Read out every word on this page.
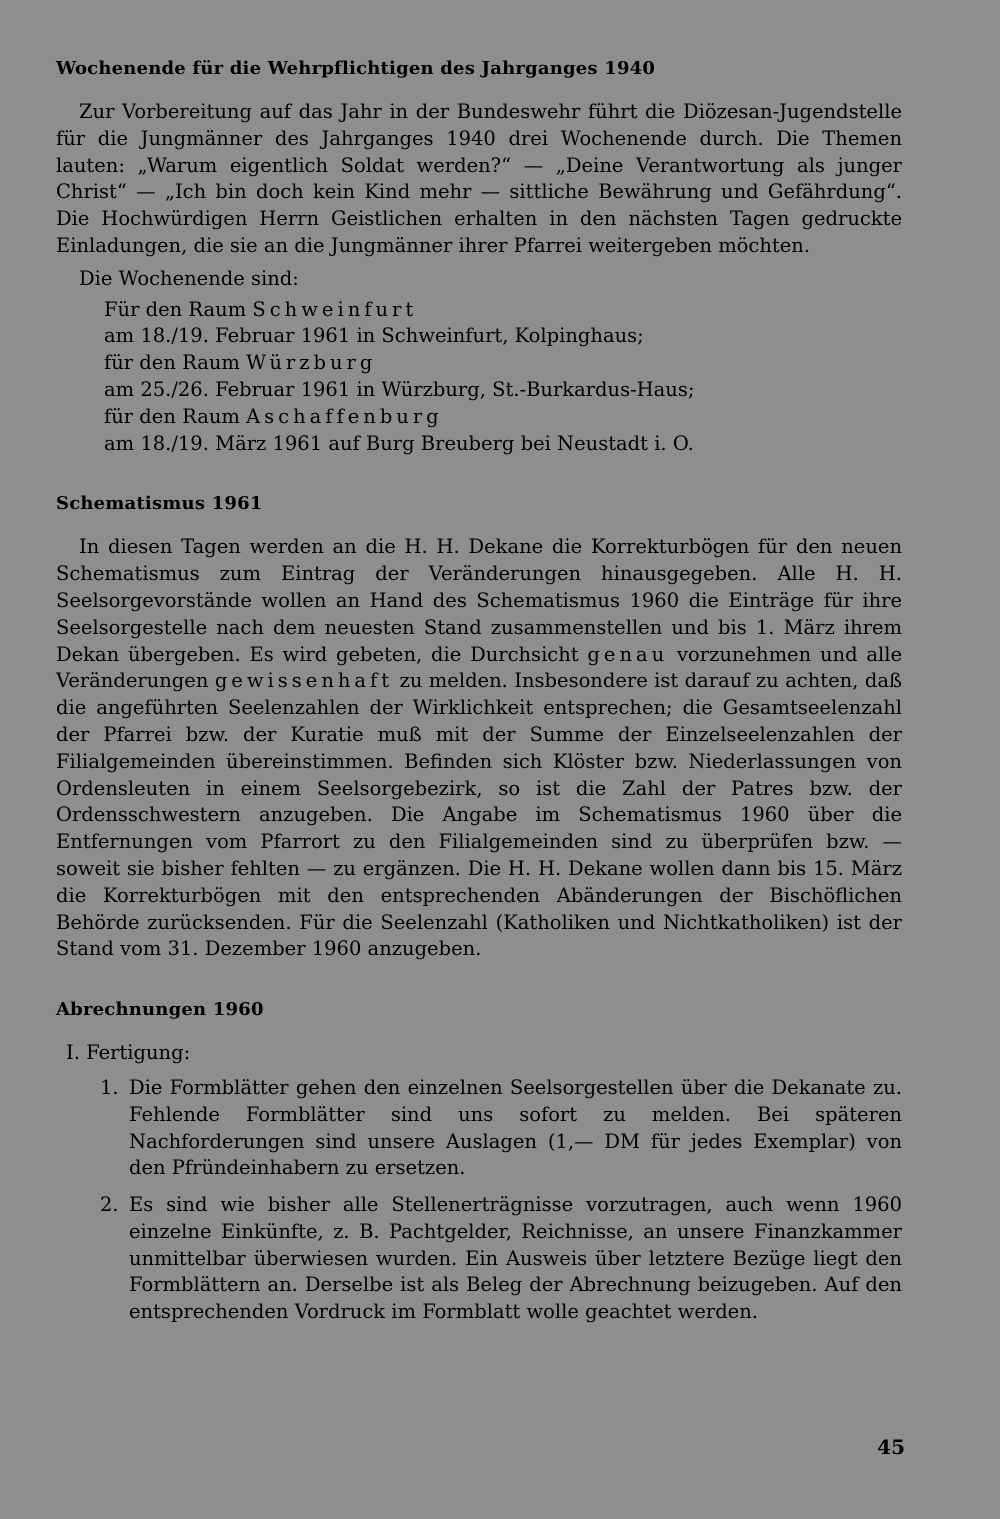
Wochenende für die Wehrpflichtigen des Jahrganges 1940

Zur Vorbereitung auf das Jahr in der Bundeswehr führt die Diözesan-Jugendstelle für die Jungmänner des Jahrganges 1940 drei Wochenende durch. Die Themen lauten: „Warum eigentlich Soldat werden?“ — „Deine Verantwortung als junger Christ“ — „Ich bin doch kein Kind mehr — sittliche Bewährung und Gefährdung“. Die Hochwürdigen Herrn Geistlichen erhalten in den nächsten Tagen gedruckte Einladungen, die sie an die Jungmänner ihrer Pfarrei weitergeben möchten.

Die Wochenende sind:
Für den Raum Schweinfurt
am 18./19. Februar 1961 in Schweinfurt, Kolpinghaus;
für den Raum Würzburg
am 25./26. Februar 1961 in Würzburg, St.-Burkardus-Haus;
für den Raum Aschaffenburg
am 18./19. März 1961 auf Burg Breuberg bei Neustadt i. O.
Schematismus 1961

In diesen Tagen werden an die H. H. Dekane die Korrekturbögen für den neuen Schematismus zum Eintrag der Veränderungen hinausgegeben. Alle H. H. Seelsorgevorstände wollen an Hand des Schematismus 1960 die Einträge für ihre Seelsorgestelle nach dem neuesten Stand zusammenstellen und bis 1. März ihrem Dekan übergeben. Es wird gebeten, die Durchsicht genau vorzunehmen und alle Veränderungen gewissenhaft zu melden. Insbesondere ist darauf zu achten, daß die angeführten Seelenzahlen der Wirklichkeit entsprechen; die Gesamtseelenzahl der Pfarrei bzw. der Kuratie muß mit der Summe der Einzelseelenzahlen der Filialgemeinden übereinstimmen. Befinden sich Klöster bzw. Niederlassungen von Ordensleuten in einem Seelsorgebezirk, so ist die Zahl der Patres bzw. der Ordensschwestern anzugeben. Die Angabe im Schematismus 1960 über die Entfernungen vom Pfarrort zu den Filialgemeinden sind zu überprüfen bzw. — soweit sie bisher fehlten — zu ergänzen. Die H. H. Dekane wollen dann bis 15. März die Korrekturbögen mit den entsprechenden Abänderungen der Bischöflichen Behörde zurücksenden. Für die Seelenzahl (Katholiken und Nichtkatholiken) ist der Stand vom 31. Dezember 1960 anzugeben.

Abrechnungen 1960
I. Fertigung:
1. Die Formblätter gehen den einzelnen Seelsorgestellen über die Dekanate zu. Fehlende Formblätter sind uns sofort zu melden. Bei späteren Nachforderungen sind unsere Auslagen (1,— DM für jedes Exemplar) von den Pfründeinhabern zu ersetzen.

2. Es sind wie bisher alle Stellenerträgnisse vorzutragen, auch wenn 1960 einzelne Einkünfte, z. B. Pachtgelder, Reichnisse, an unsere Finanzkammer unmittelbar überwiesen wurden. Ein Ausweis über letztere Bezüge liegt den Formblättern an. Derselbe ist als Beleg der Abrechnung beizugeben. Auf den entsprechenden Vordruck im Formblatt wolle geachtet werden.

45
